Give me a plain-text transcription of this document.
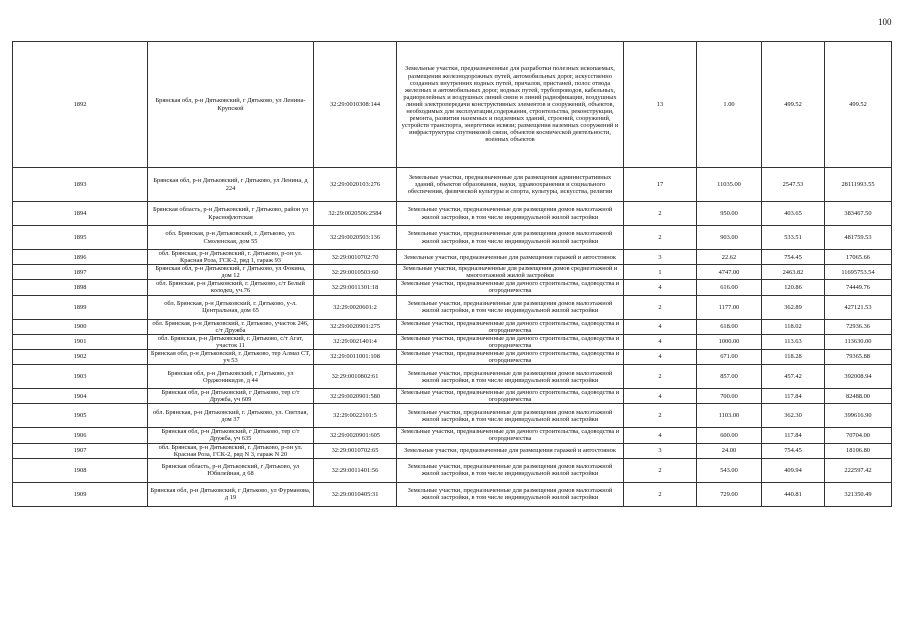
100
1892	Брянская обл, р-н Дятьковский, г Дятьково, ул Ленина-Крупской	32:29:0010308:144	Земельные участки, предназначенные для разработки полезных ископаемых, размещения железнодорожных путей, автомобильных дорог, искусственно созданных внутренних водных путей, причалов, пристаней, полос отвода железных и автомобильных дорог, водных путей, трубопроводов, кабельных, радиорелейных и воздушных линий связи и линий радиофикации, воздушных линий электропередачи конструктивных элементов и сооружений, объектов, необходимых для эксплуатации,содержания, строительства, реконструкции, ремонта, развития наземных и подземных зданий, строений, сооружений, устройств транспорта, энергетики исвязи; размещения наземных сооружений и инфраструктуры спутниковой связи, объектов космической деятельности, военных объектов	13	1.00	499.52	499.52
1893	Брянская обл, р-н Дятьковский, г Дятьково, ул Ленина, д 224	32:29:0020103:276	Земельные участки, предназначенные для размещения административных зданий, объектов образования, науки, здравоохранения и социального обеспечения, физической культуры и спорта, культуры, искусства, религии	17	11035.00	2547.53	28111993.55
1894	Брянская область, р-н Дятьковский, г Дятьково, район ул Краснофлотская	32:29:0020506:2584	Земельные участки, предназначенные для размещения домов малоэтажной жилой застройки, в том числе индивидуальной жилой застройки	2	950.00	403.65	383467.50
1895	обл. Брянская, р-н Дятьковский, г. Дятьково, ул. Смоленская, дом 55	32:29:0020503:136	Земельные участки, предназначенные для размещения домов малоэтажной жилой застройки, в том числе индивидуальной жилой застройки	2	903.00	533.51	481759.53
1896	обл. Брянская, р-н Дятьковский, г. Дятьково, р-он ул. Красная Роза, ГСК-2, ряд 1, гараж 93	32:29:0010702:70	Земельные участки, предназначенные для размещения гаражей и автостоянок	3	22.62	754.45	17065.66
1897	Брянская обл, р-н Дятьковский, г Дятьково, ул Фокина, дом 12	32:29:0010503:60	Земельные участки, предназначенные для размещения домов среднеэтажной и многоэтажной жилой застройки	1	4747.00	2463.82	11695753.54
1898	обл. Брянская, р-н Дятьковский, г. Дятьково, с/т Белый колодец, уч.76	32:29:0011301:18	Земельные участки, предназначенные для дачного строительства, садоводства и огородничества	4	616.00	120.86	74449.76
1899	обл. Брянская, р-н Дятьковский, г. Дятьково, у-л. Центральная, дом 65	32:29:0020601:2	Земельные участки, предназначенные для размещения домов малоэтажной жилой застройки, в том числе индивидуальной жилой застройки	2	1177.00	362.89	427121.53
1900	обл. Брянская, р-н Дятьковский, г. Дятьково, участок 246, с/т Дружба	32:29:0020901:275	Земельные участки, предназначенные для дачного строительства, садоводства и огородничества	4	618.00	118.02	72936.36
1901	обл. Брянская, р-н Дятьковский, г. Дятьково, с/т Агат, участок 11	32:29:0021401:4	Земельные участки, предназначенные для дачного строительства, садоводства и огородничества	4	1000.00	113.63	113630.00
1902	Брянская обл, р-н Дятьковский, г. Дятьково, тер Алмаз СТ, уч 53	32:29:0011001:108	Земельные участки, предназначенные для дачного строительства, садоводства и огородничества	4	671.00	118.28	79365.88
1903	Брянская обл, р-н Дятьковский, г Дятьково, ул Орджоникидзе, д 44	32:29:0010802:61	Земельные участки, предназначенные для размещения домов малоэтажной жилой застройки, в том числе индивидуальной жилой застройки	2	857.00	457.42	392008.94
1904	Брянская обл, р-н Дятьковский, г Дятьково, тер с/т Дружба, уч 609	32:29:0020901:580	Земельные участки, предназначенные для дачного строительства, садоводства и огородничества	4	700.00	117.84	82488.00
1905	обл. Брянская, р-н Дятьковский, г. Дятьково, ул. Светлая, дом 37	32:29:0022101:5	Земельные участки, предназначенные для размещения домов малоэтажной жилой застройки, в том числе индивидуальной жилой застройки	2	1103.00	362.30	399616.90
1906	Брянская обл, р-н Дятьковский, г Дятьково, тер с/т Дружба, уч 635	32:29:0020901:605	Земельные участки, предназначенные для дачного строительства, садоводства и огородничества	4	600.00	117.84	70704.00
1907	обл. Брянская, р-н Дятьковский, г. Дятьково, р-он ул. Красная Роза, ГСК-2, ряд N 3, гараж N 20	32:29:0010702:65	Земельные участки, предназначенные для размещения гаражей и автостоянок	3	24.00	754.45	18106.80
1908	Брянская область, р-н Дятьковский, г Дятьково, ул Юбилейная, д 68	32:29:0011401:56	Земельные участки, предназначенные для размещения домов малоэтажной жилой застройки, в том числе индивидуальной жилой застройки	2	543.00	409.94	222597.42
1909	Брянская обл, р-н Дятьковский, г Дятьково, ул Фурманова, д 19	32:29:0010405:31	Земельные участки, предназначенные для размещения домов малоэтажной жилой застройки, в том числе индивидуальной жилой застройки	2	729.00	440.81	321350.49
